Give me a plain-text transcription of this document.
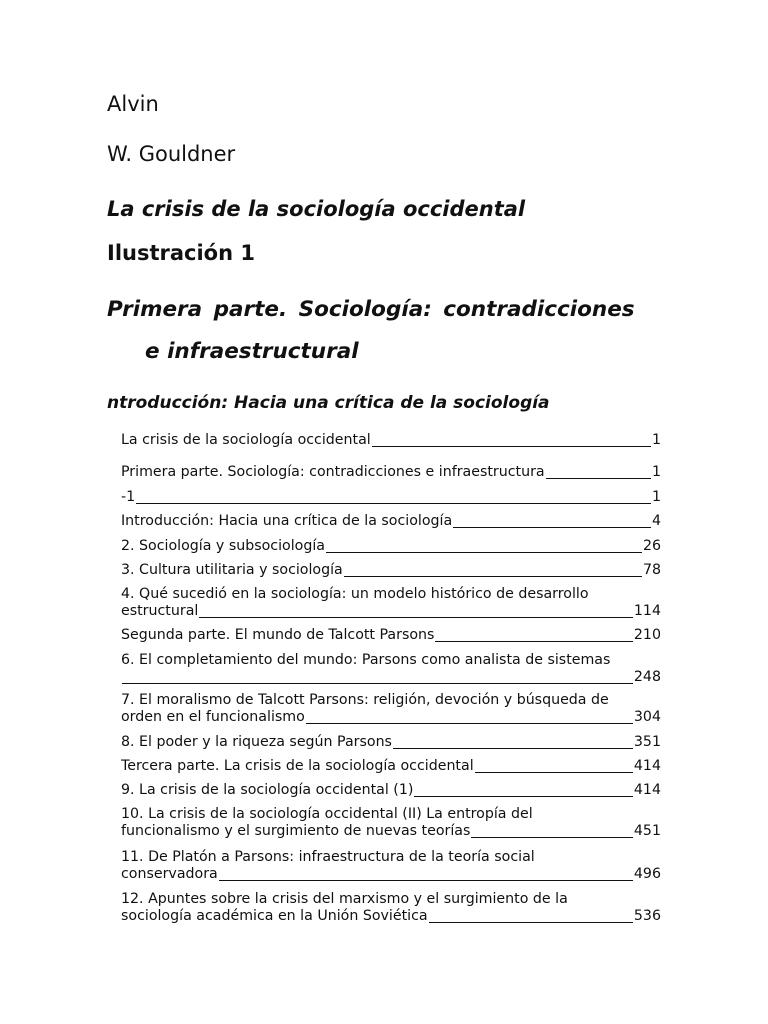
Alvin

W. Gouldner

La crisis de la sociología occidental

Ilustración 1

Primera parte. Sociología: contradicciones

e infraestructural

ntroducción: Hacia una crítica de la sociología

La crisis de la sociología occidental	1
Primera parte. Sociología: contradicciones e infraestructura	1
-1	1
Introducción: Hacia una crítica de la sociología	4
2. Sociología y subsociología	26
3. Cultura utilitaria y sociología	78
4. Qué sucedió en la sociología: un modelo histórico de desarrollo
estructural	114
Segunda parte. El mundo de Talcott Parsons	210
6. El completamiento del mundo: Parsons como analista de sistemas
248
7. El moralismo de Talcott Parsons: religión, devoción y búsqueda de
orden en el funcionalismo	304
8. El poder y la riqueza según Parsons	351
Tercera parte. La crisis de la sociología occidental	414
9. La crisis de la sociología occidental (1)	414
10. La crisis de la sociología occidental (II) La entropía del
funcionalismo y el surgimiento de nuevas teorías	451
11. De Platón a Parsons: infraestructura de la teoría social
conservadora	496
12. Apuntes sobre la crisis del marxismo y el surgimiento de la
sociología académica en la Unión Soviética	536
